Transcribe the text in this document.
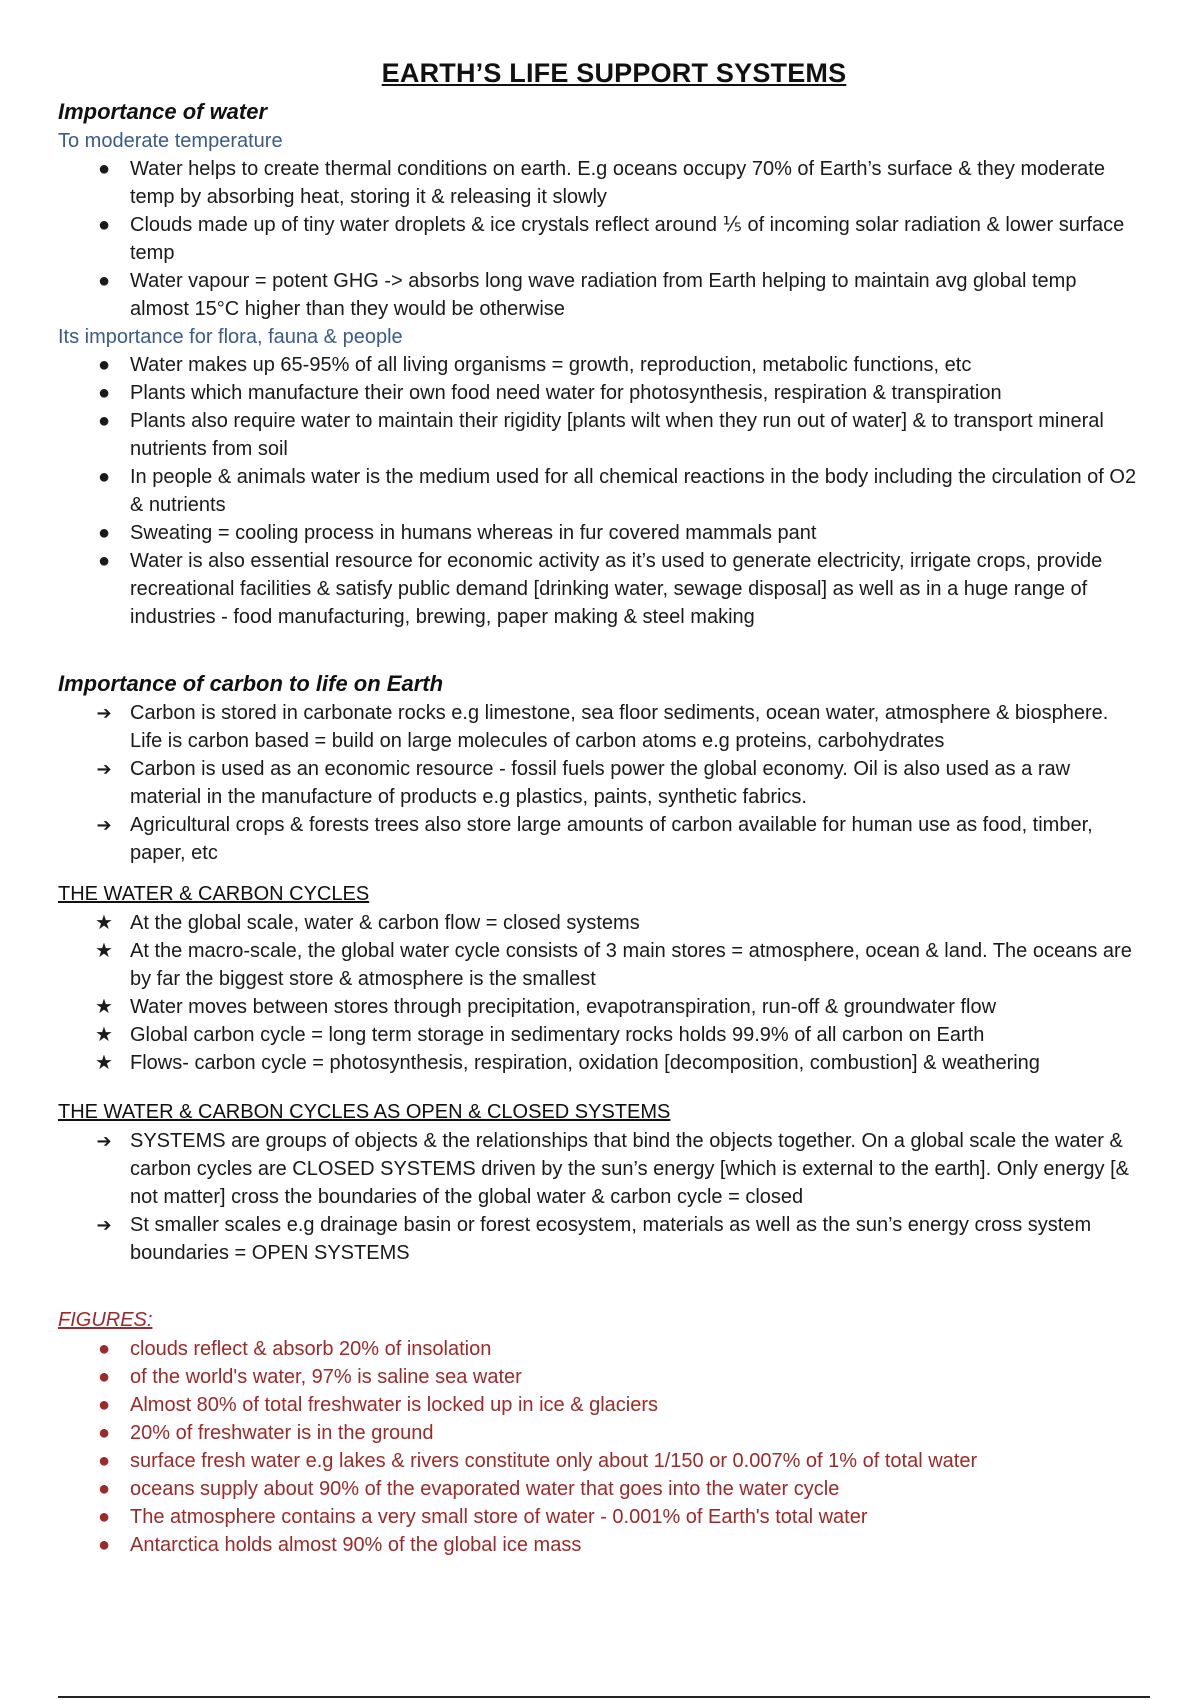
EARTH’S LIFE SUPPORT SYSTEMS

Importance of water

To moderate temperature

● Water helps to create thermal conditions on earth. E.g oceans occupy 70% of Earth’s surface & they moderate temp by absorbing heat, storing it & releasing it slowly
● Clouds made up of tiny water droplets & ice crystals reflect around ⅕ of incoming solar radiation & lower surface temp
● Water vapour = potent GHG -> absorbs long wave radiation from Earth helping to maintain avg global temp almost 15°C higher than they would be otherwise

Its importance for flora, fauna & people

● Water makes up 65-95% of all living organisms = growth, reproduction, metabolic functions, etc
● Plants which manufacture their own food need water for photosynthesis, respiration & transpiration
● Plants also require water to maintain their rigidity [plants wilt when they run out of water] & to transport mineral nutrients from soil
● In people & animals water is the medium used for all chemical reactions in the body including the circulation of O2 & nutrients
● Sweating = cooling process in humans whereas in fur covered mammals pant
● Water is also essential resource for economic activity as it’s used to generate electricity, irrigate crops, provide recreational facilities & satisfy public demand [drinking water, sewage disposal] as well as in a huge range of industries - food manufacturing, brewing, paper making & steel making

Importance of carbon to life on Earth

➔ Carbon is stored in carbonate rocks e.g limestone, sea floor sediments, ocean water, atmosphere & biosphere. Life is carbon based = build on large molecules of carbon atoms e.g proteins, carbohydrates
➔ Carbon is used as an economic resource - fossil fuels power the global economy. Oil is also used as a raw material in the manufacture of products e.g plastics, paints, synthetic fabrics.
➔ Agricultural crops & forests trees also store large amounts of carbon available for human use as food, timber, paper, etc

THE WATER & CARBON CYCLES

★ At the global scale, water & carbon flow = closed systems
★ At the macro-scale, the global water cycle consists of 3 main stores = atmosphere, ocean & land. The oceans are by far the biggest store & atmosphere is the smallest
★ Water moves between stores through precipitation, evapotranspiration, run-off & groundwater flow
★ Global carbon cycle = long term storage in sedimentary rocks holds 99.9% of all carbon on Earth
★ Flows- carbon cycle = photosynthesis, respiration, oxidation [decomposition, combustion] & weathering

THE WATER & CARBON CYCLES AS OPEN & CLOSED SYSTEMS

➔ SYSTEMS are groups of objects & the relationships that bind the objects together. On a global scale the water & carbon cycles are CLOSED SYSTEMS driven by the sun’s energy [which is external to the earth]. Only energy [& not matter] cross the boundaries of the global water & carbon cycle = closed
➔ St smaller scales e.g drainage basin or forest ecosystem, materials as well as the sun’s energy cross system boundaries = OPEN SYSTEMS

FIGURES:

● clouds reflect & absorb 20% of insolation
● of the world's water, 97% is saline sea water
● Almost 80% of total freshwater is locked up in ice & glaciers
● 20% of freshwater is in the ground
● surface fresh water e.g lakes & rivers constitute only about 1/150 or 0.007% of 1% of total water
● oceans supply about 90% of the evaporated water that goes into the water cycle
● The atmosphere contains a very small store of water - 0.001% of Earth's total water
● Antarctica holds almost 90% of the global ice mass
